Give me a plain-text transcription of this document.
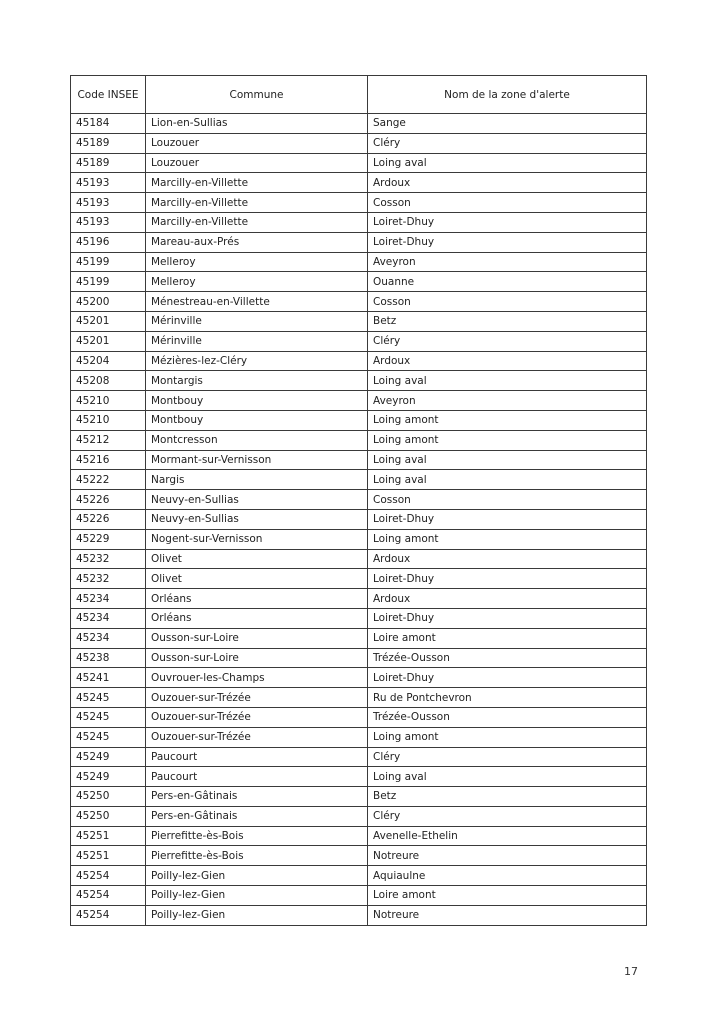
Code INSEE	Commune	Nom de la zone d'alerte
45184	Lion-en-Sullias	Sange
45189	Louzouer	Cléry
45189	Louzouer	Loing aval
45193	Marcilly-en-Villette	Ardoux
45193	Marcilly-en-Villette	Cosson
45193	Marcilly-en-Villette	Loiret-Dhuy
45196	Mareau-aux-Prés	Loiret-Dhuy
45199	Melleroy	Aveyron
45199	Melleroy	Ouanne
45200	Ménestreau-en-Villette	Cosson
45201	Mérinville	Betz
45201	Mérinville	Cléry
45204	Mézières-lez-Cléry	Ardoux
45208	Montargis	Loing aval
45210	Montbouy	Aveyron
45210	Montbouy	Loing amont
45212	Montcresson	Loing amont
45216	Mormant-sur-Vernisson	Loing aval
45222	Nargis	Loing aval
45226	Neuvy-en-Sullias	Cosson
45226	Neuvy-en-Sullias	Loiret-Dhuy
45229	Nogent-sur-Vernisson	Loing amont
45232	Olivet	Ardoux
45232	Olivet	Loiret-Dhuy
45234	Orléans	Ardoux
45234	Orléans	Loiret-Dhuy
45234	Ousson-sur-Loire	Loire amont
45238	Ousson-sur-Loire	Trézée-Ousson
45241	Ouvrouer-les-Champs	Loiret-Dhuy
45245	Ouzouer-sur-Trézée	Ru de Pontchevron
45245	Ouzouer-sur-Trézée	Trézée-Ousson
45245	Ouzouer-sur-Trézée	Loing amont
45249	Paucourt	Cléry
45249	Paucourt	Loing aval
45250	Pers-en-Gâtinais	Betz
45250	Pers-en-Gâtinais	Cléry
45251	Pierrefitte-ès-Bois	Avenelle-Ethelin
45251	Pierrefitte-ès-Bois	Notreure
45254	Poilly-lez-Gien	Aquiaulne
45254	Poilly-lez-Gien	Loire amont
45254	Poilly-lez-Gien	Notreure
17
